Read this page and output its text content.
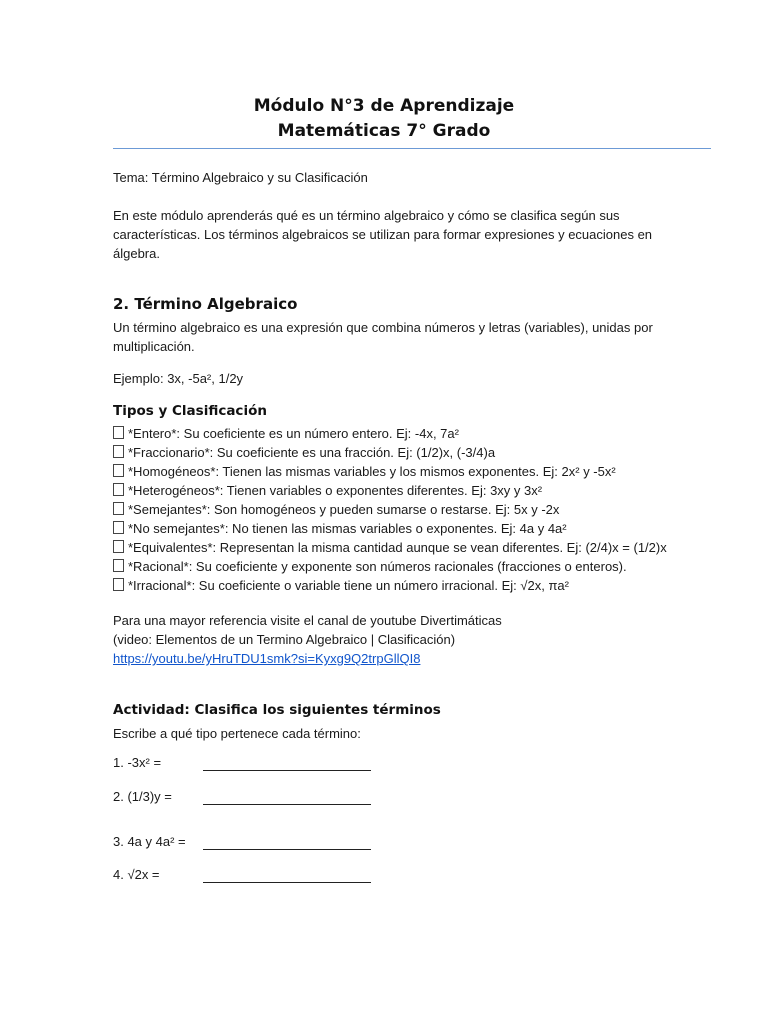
Módulo N°3 de Aprendizaje
Matemáticas 7° Grado
Tema: Término Algebraico y su Clasificación
En este módulo aprenderás qué es un término algebraico y cómo se clasifica según sus
características. Los términos algebraicos se utilizan para formar expresiones y ecuaciones en
álgebra.
2. Término Algebraico
Un término algebraico es una expresión que combina números y letras (variables), unidas por
multiplicación.
Ejemplo: 3x, -5a², 1/2y
Tipos y Clasificación
*Entero*: Su coeficiente es un número entero. Ej: -4x, 7a²
*Fraccionario*: Su coeficiente es una fracción. Ej: (1/2)x, (-3/4)a
*Homogéneos*: Tienen las mismas variables y los mismos exponentes. Ej: 2x² y -5x²
*Heterogéneos*: Tienen variables o exponentes diferentes. Ej: 3xy y 3x²
*Semejantes*: Son homogéneos y pueden sumarse o restarse. Ej: 5x y -2x
*No semejantes*: No tienen las mismas variables o exponentes. Ej: 4a y 4a²
*Equivalentes*: Representan la misma cantidad aunque se vean diferentes. Ej: (2/4)x = (1/2)x
*Racional*: Su coeficiente y exponente son números racionales (fracciones o enteros).
*Irracional*: Su coeficiente o variable tiene un número irracional. Ej: √2x, πa²
Para una mayor referencia visite el canal de youtube Divertimáticas
(video: Elementos de un Termino Algebraico | Clasificación)
https://youtu.be/yHruTDU1smk?si=Kyxg9Q2trpGllQI8
Actividad: Clasifica los siguientes términos
Escribe a qué tipo pertenece cada término:
1. -3x² =
2. (1/3)y =
3. 4a y 4a² =
4. √2x =
